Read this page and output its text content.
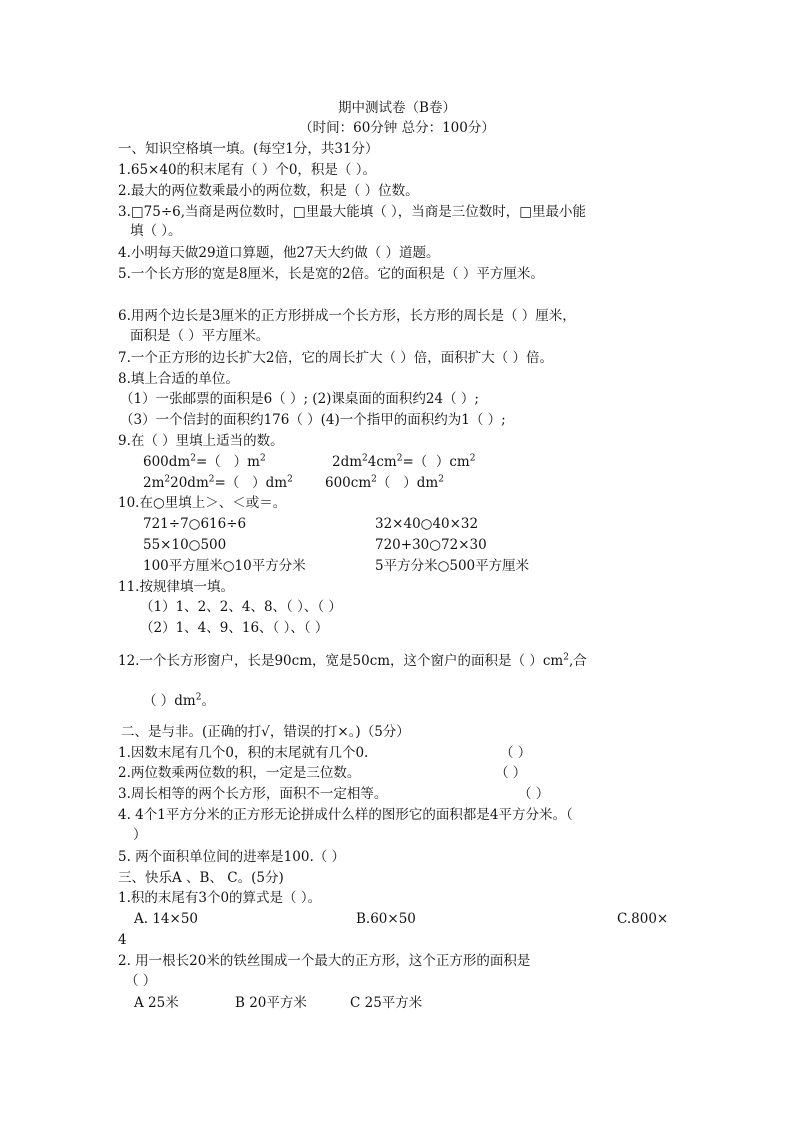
期中测试卷（B卷）
（时间：60分钟 总分：100分）
一、知识空格填一填。(每空1分，共31分）
1.65×40的积末尾有（ ）个0，积是（ ）。
2.最大的两位数乘最小的两位数，积是（ ）位数。
3.□75÷6,当商是两位数时，□里最大能填（ ），当商是三位数时，□里最小能
填（ ）。
4.小明每天做29道口算题，他27天大约做（ ）道题。
5.一个长方形的宽是8厘米，长是宽的2倍。它的面积是（ ）平方厘米。
6.用两个边长是3厘米的正方形拼成一个长方形，长方形的周长是（ ）厘米，
面积是（ ）平方厘米。
7.一个正方形的边长扩大2倍，它的周长扩大（ ）倍，面积扩大（ ）倍。
8.填上合适的单位。
（1）一张邮票的面积是6（ ）; (2)课桌面的面积约24（ ）;
（3）一个信封的面积约176（ ）(4)一个指甲的面积约为1（ ）;
9.在（ ）里填上适当的数。
$600dm^2=$（   ）$m^2$	$2dm^24cm^2=$（  ）$cm^2$
$2m^220dm^2=$（   ）$dm^2$ $600cm^2$（   ）$dm^2$
10.在○里填上＞、＜或＝。
721÷7○616÷6	32×40○40×32
55×10○500	720+30○72×30
100平方厘米○10平方分米	5平方分米○500平方厘米
11.按规律填一填。
（1）1、2、2、4、8、（ ）、（ ）
（2）1、4、9、16、（ ）、（ ）
12.一个长方形窗户，长是90cm，宽是50cm，这个窗户的面积是（ ）$cm^2$,合
（ ）$dm^2$。
二、是与非。(正确的打√，错误的打×。)（5分）
1.因数末尾有几个0，积的末尾就有几个0.	（ ）
2.两位数乘两位数的积，一定是三位数。	（ ）
3.周长相等的两个长方形，面积不一定相等。	（ ）
4. 4个1平方分米的正方形无论拼成什么样的图形它的面积都是4平方分米。（
）
5. 两个面积单位间的进率是100.（ ）
三、快乐A 、B、 C。(5分)
1.积的末尾有3个0的算式是（ ）。
A. 14×50	B.60×50	C.800×
4
2. 用一根长20米的铁丝围成一个最大的正方形，这个正方形的面积是
（ ）
A 25米	B 20平方米	C 25平方米
